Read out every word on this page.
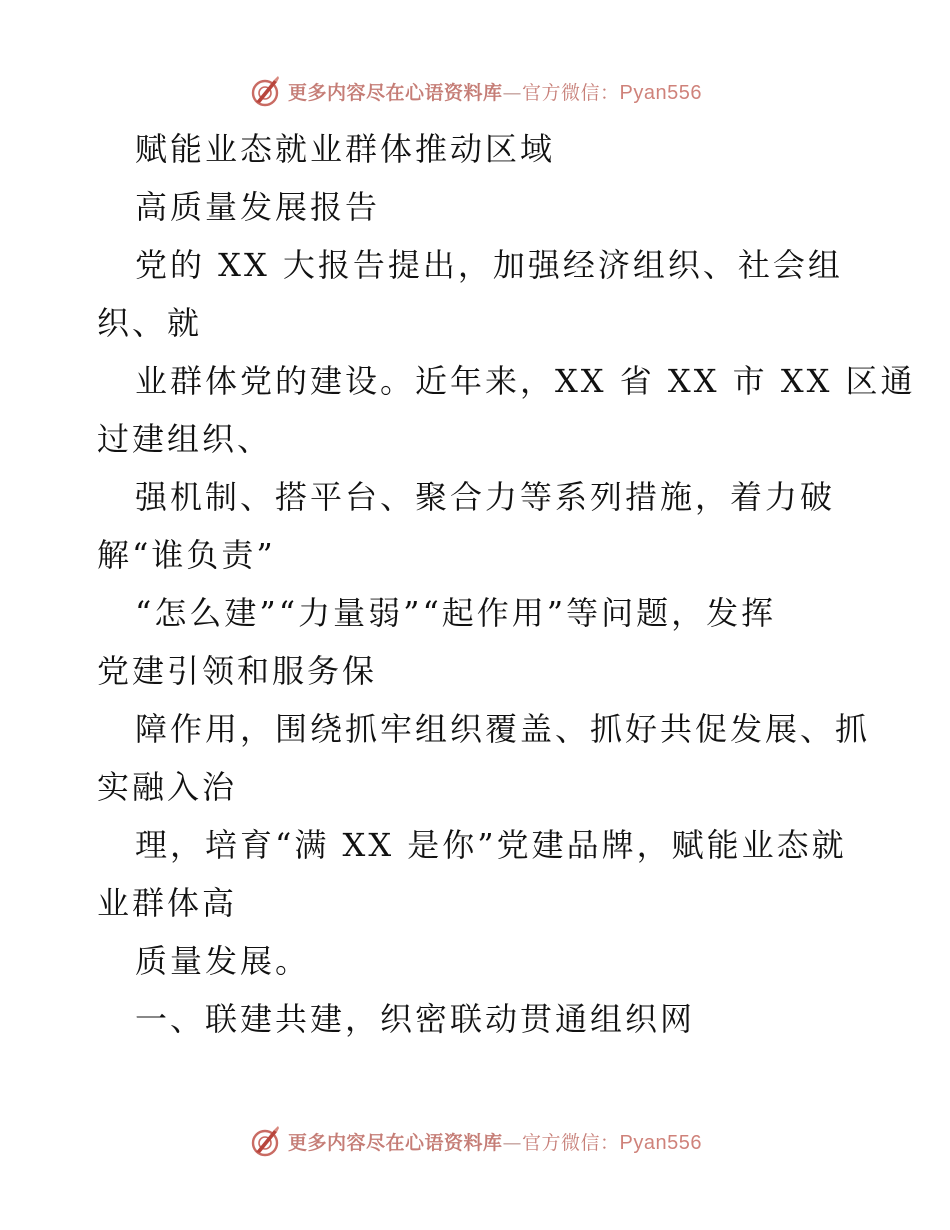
更多内容尽在心语资料库—官方微信：Pyan556
赋能业态就业群体推动区域
高质量发展报告
党的 XX 大报告提出，加强经济组织、社会组
织、就
业群体党的建设。近年来，XX 省 XX 市 XX 区通
过建组织、
强机制、搭平台、聚合力等系列措施，着力破
解“谁负责”
“怎么建”“力量弱”“起作用”等问题，发挥
党建引领和服务保
障作用，围绕抓牢组织覆盖、抓好共促发展、抓
实融入治
理，培育“满 XX 是你”党建品牌，赋能业态就
业群体高
质量发展。
一、联建共建，织密联动贯通组织网
更多内容尽在心语资料库—官方微信：Pyan556
